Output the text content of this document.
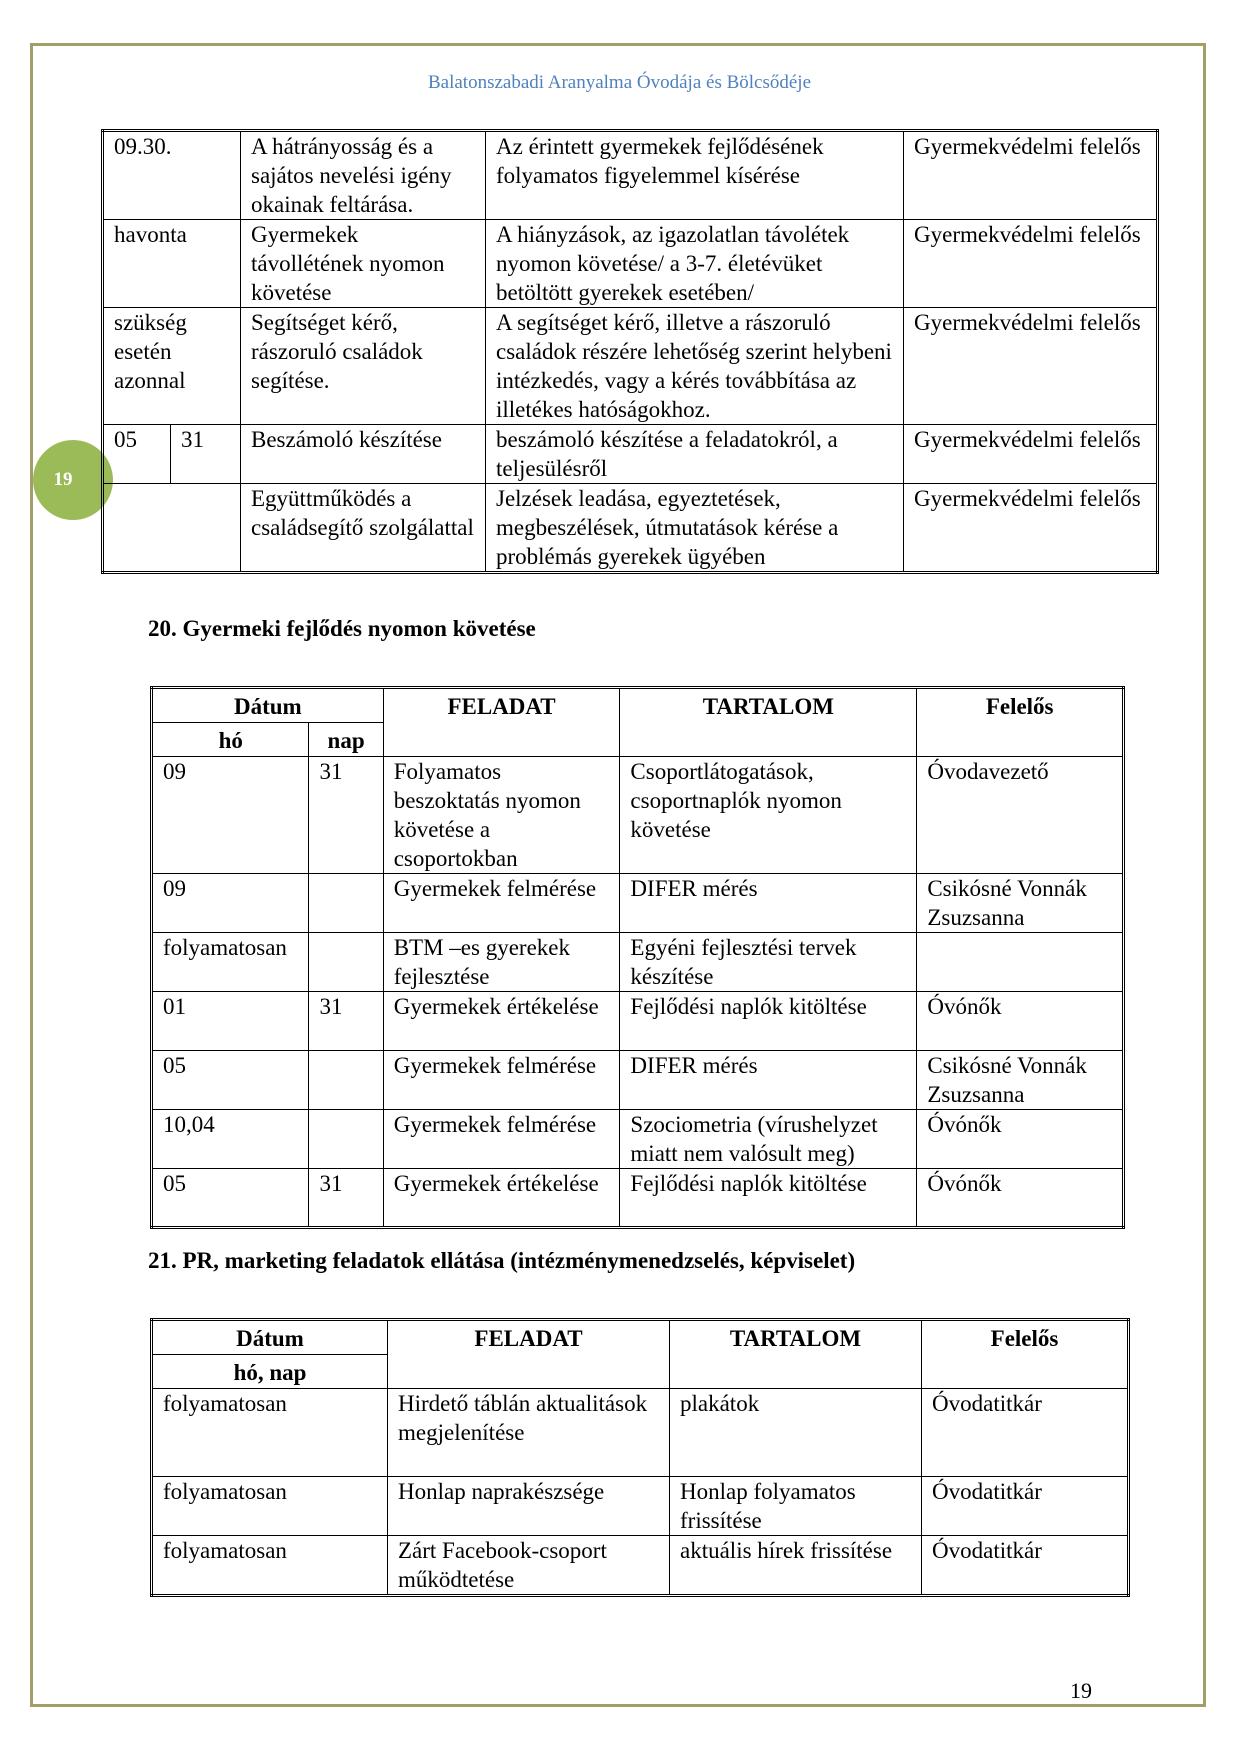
Balatonszabadi Aranyalma Óvodája és Bölcsődéje
19
09.30.		A hátrányosság és a sajátos nevelési igény okainak feltárása.	Az érintett gyermekek fejlődésének folyamatos figyelemmel kísérése	Gyermekvédelmi felelős
havonta		Gyermekek távollétének nyomon követése	A hiányzások, az igazolatlan távolétek nyomon követése/ a 3-7. életévüket betöltött gyerekek esetében/	Gyermekvédelmi felelős
szükség esetén azonnal		Segítséget kérő, rászoruló családok segítése.	A segítséget kérő, illetve a rászoruló családok részére lehetőség szerint helybeni intézkedés, vagy a kérés továbbítása az illetékes hatóságokhoz.	Gyermekvédelmi felelős
05	31	Beszámoló készítése	beszámoló készítése a feladatokról, a teljesülésről	Gyermekvédelmi felelős
		Együttműködés a családsegítő szolgálattal	Jelzések leadása, egyeztetések, megbeszélések, útmutatások kérése a problémás gyerekek ügyében	Gyermekvédelmi felelős
20. Gyermeki fejlődés nyomon követése
Dátum		FELADAT	TARTALOM	Felelős
hó	nap			
09	31	Folyamatos beszoktatás nyomon követése a csoportokban	Csoportlátogatások, csoportnaplók nyomon követése	Óvodavezető
09		Gyermekek felmérése	DIFER mérés	Csikósné Vonnák Zsuzsanna
folyamatosan		BTM –es gyerekek fejlesztése	Egyéni fejlesztési tervek készítése	
01	31	Gyermekek értékelése	Fejlődési naplók kitöltése	Óvónők
05		Gyermekek felmérése	DIFER mérés	Csikósné Vonnák Zsuzsanna
10,04		Gyermekek felmérése	Szociometria (vírushelyzet miatt nem valósult meg)	Óvónők
05	31	Gyermekek értékelése	Fejlődési naplók kitöltése	Óvónők
21. PR, marketing feladatok ellátása (intézménymenedzselés, képviselet)
Dátum	FELADAT	TARTALOM	Felelős
hó, nap			
folyamatosan	Hirdető táblán aktualitások megjelenítése	plakátok	Óvodatitkár
folyamatosan	Honlap naprakészsége	Honlap folyamatos frissítése	Óvodatitkár
folyamatosan	Zárt Facebook-csoport működtetése	aktuális hírek frissítése	Óvodatitkár
19
